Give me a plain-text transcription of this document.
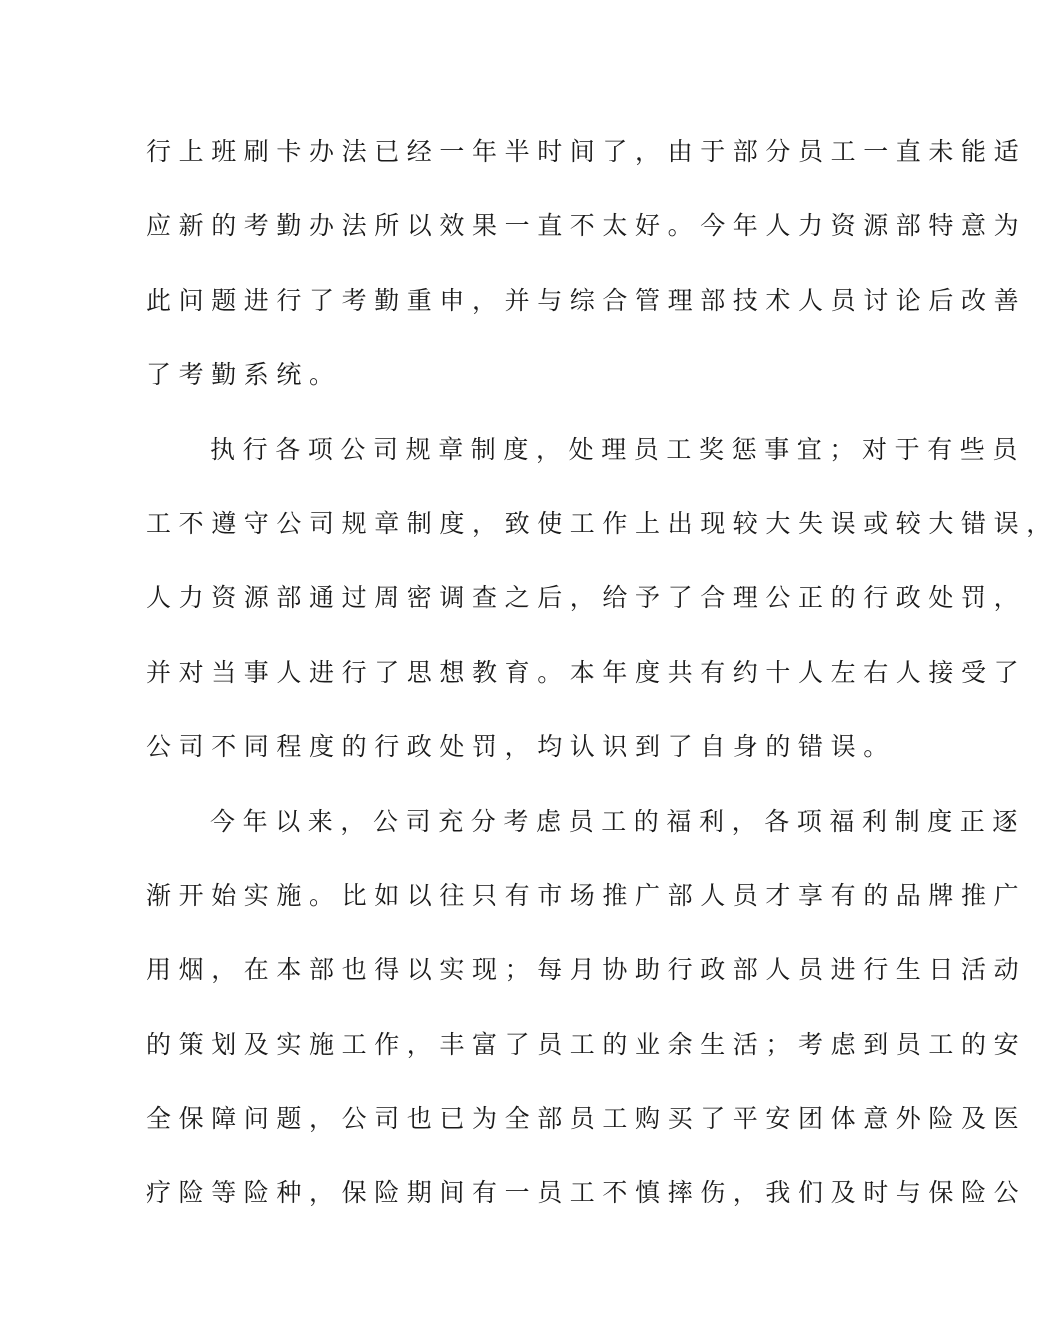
行上班刷卡办法已经一年半时间了，由于部分员工一直未能适
应新的考勤办法所以效果一直不太好。今年人力资源部特意为
此问题进行了考勤重申，并与综合管理部技术人员讨论后改善
了考勤系统。
执行各项公司规章制度，处理员工奖惩事宜；对于有些员
工不遵守公司规章制度，致使工作上出现较大失误或较大错误，
人力资源部通过周密调查之后，给予了合理公正的行政处罚，
并对当事人进行了思想教育。本年度共有约十人左右人接受了
公司不同程度的行政处罚，均认识到了自身的错误。
今年以来，公司充分考虑员工的福利，各项福利制度正逐
渐开始实施。比如以往只有市场推广部人员才享有的品牌推广
用烟，在本部也得以实现；每月协助行政部人员进行生日活动
的策划及实施工作，丰富了员工的业余生活；考虑到员工的安
全保障问题，公司也已为全部员工购买了平安团体意外险及医
疗险等险种，保险期间有一员工不慎摔伤，我们及时与保险公
